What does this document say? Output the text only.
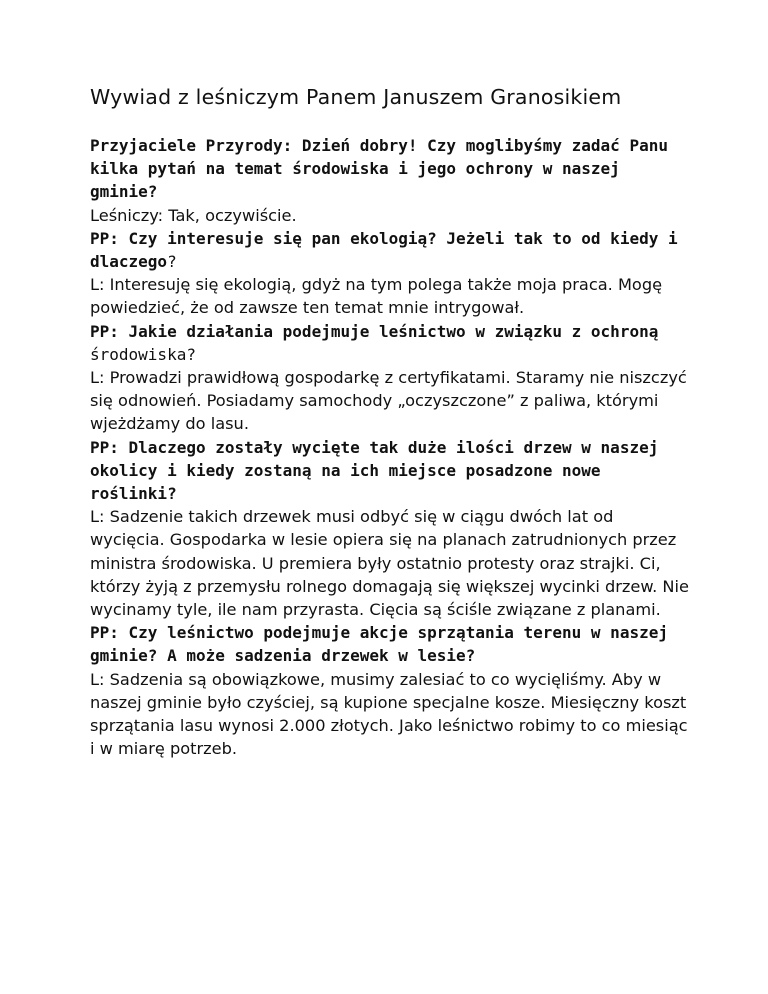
Wywiad z leśniczym Panem Januszem Granosikiem

Przyjaciele Przyrody: Dzień dobry! Czy moglibyśmy zadać Panu kilka pytań na temat środowiska i jego ochrony w naszej gminie?

Leśniczy: Tak, oczywiście.

PP: Czy interesuje się pan ekologią? Jeżeli tak to od kiedy i dlaczego?

L: Interesuję się ekologią, gdyż na tym polega także moja praca. Mogę powiedzieć, że od zawsze ten temat mnie intrygował.

PP: Jakie działania podejmuje leśnictwo w związku z ochroną środowiska?

L: Prowadzi prawidłową gospodarkę z certyfikatami. Staramy nie niszczyć się odnowień. Posiadamy samochody „oczyszczone” z paliwa, którymi wjeżdżamy do lasu.

PP: Dlaczego zostały wycięte tak duże ilości drzew w naszej okolicy i kiedy zostaną na ich miejsce posadzone nowe roślinki?

L: Sadzenie takich drzewek musi odbyć się w ciągu dwóch lat od wycięcia. Gospodarka w lesie opiera się na planach zatrudnionych przez ministra środowiska. U premiera były ostatnio protesty oraz strajki. Ci, którzy żyją z przemysłu rolnego domagają się większej wycinki drzew. Nie wycinamy tyle, ile nam przyrasta. Cięcia są ściśle związane z planami.

PP: Czy leśnictwo podejmuje akcje sprzątania terenu w naszej gminie? A może sadzenia drzewek w lesie?

L: Sadzenia są obowiązkowe, musimy zalesiać to co wycięliśmy. Aby w naszej gminie było czyściej, są kupione specjalne kosze. Miesięczny koszt sprzątania lasu wynosi 2.000 złotych. Jako leśnictwo robimy to co miesiąc i w miarę potrzeb.
